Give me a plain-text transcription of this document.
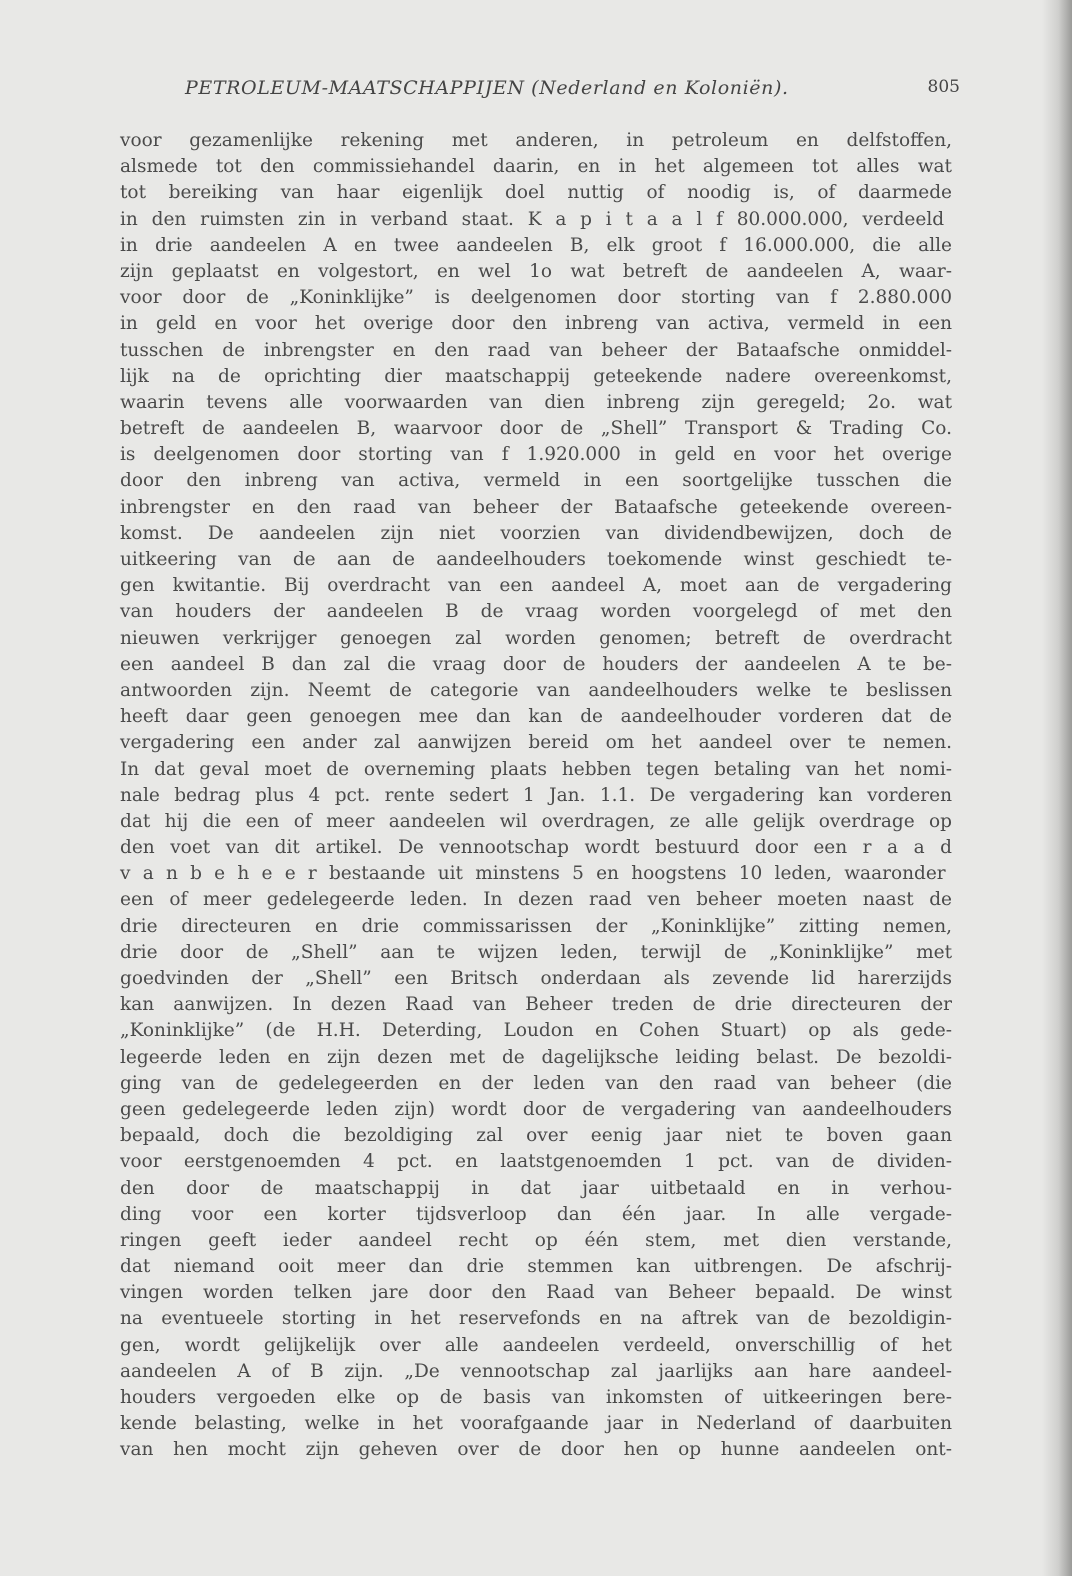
PETROLEUM-MAATSCHAPPIJEN (Nederland en Koloniën).	805
voor gezamenlijke rekening met anderen, in petroleum en delfstoffen,
alsmede tot den commissiehandel daarin, en in het algemeen tot alles wat
tot bereiking van haar eigenlijk doel nuttig of noodig is, of daarmede
in den ruimsten zin in verband staat. K a p i t a a l f 80.000.000, verdeeld
in drie aandeelen A en twee aandeelen B, elk groot f 16.000.000, die alle
zijn geplaatst en volgestort, en wel 1o wat betreft de aandeelen A, waar-
voor door de „Koninklijke” is deelgenomen door storting van f 2.880.000
in geld en voor het overige door den inbreng van activa, vermeld in een
tusschen de inbrengster en den raad van beheer der Bataafsche onmiddel-
lijk na de oprichting dier maatschappij geteekende nadere overeenkomst,
waarin tevens alle voorwaarden van dien inbreng zijn geregeld; 2o. wat
betreft de aandeelen B, waarvoor door de „Shell” Transport & Trading Co.
is deelgenomen door storting van f 1.920.000 in geld en voor het overige
door den inbreng van activa, vermeld in een soortgelijke tusschen die
inbrengster en den raad van beheer der Bataafsche geteekende overeen-
komst. De aandeelen zijn niet voorzien van dividendbewijzen, doch de
uitkeering van de aan de aandeelhouders toekomende winst geschiedt te-
gen kwitantie. Bij overdracht van een aandeel A, moet aan de vergadering
van houders der aandeelen B de vraag worden voorgelegd of met den
nieuwen verkrijger genoegen zal worden genomen; betreft de overdracht
een aandeel B dan zal die vraag door de houders der aandeelen A te be-
antwoorden zijn. Neemt de categorie van aandeelhouders welke te beslissen
heeft daar geen genoegen mee dan kan de aandeelhouder vorderen dat de
vergadering een ander zal aanwijzen bereid om het aandeel over te nemen.
In dat geval moet de overneming plaats hebben tegen betaling van het nomi-
nale bedrag plus 4 pct. rente sedert 1 Jan. 1.1. De vergadering kan vorderen
dat hij die een of meer aandeelen wil overdragen, ze alle gelijk overdrage op
den voet van dit artikel. De vennootschap wordt bestuurd door een r a a d
v a n b e h e e r bestaande uit minstens 5 en hoogstens 10 leden, waaronder
een of meer gedelegeerde leden. In dezen raad ven beheer moeten naast de
drie directeuren en drie commissarissen der „Koninklijke” zitting nemen,
drie door de „Shell” aan te wijzen leden, terwijl de „Koninklijke” met
goedvinden der „Shell” een Britsch onderdaan als zevende lid harerzijds
kan aanwijzen. In dezen Raad van Beheer treden de drie directeuren der
„Koninklijke” (de H.H. Deterding, Loudon en Cohen Stuart) op als gede-
legeerde leden en zijn dezen met de dagelijksche leiding belast. De bezoldi-
ging van de gedelegeerden en der leden van den raad van beheer (die
geen gedelegeerde leden zijn) wordt door de vergadering van aandeelhouders
bepaald, doch die bezoldiging zal over eenig jaar niet te boven gaan
voor eerstgenoemden 4 pct. en laatstgenoemden 1 pct. van de dividen-
den door de maatschappij in dat jaar uitbetaald en in verhou-
ding voor een korter tijdsverloop dan één jaar. In alle vergade-
ringen geeft ieder aandeel recht op één stem, met dien verstande,
dat niemand ooit meer dan drie stemmen kan uitbrengen. De afschrij-
vingen worden telken jare door den Raad van Beheer bepaald. De winst
na eventueele storting in het reservefonds en na aftrek van de bezoldigin-
gen, wordt gelijkelijk over alle aandeelen verdeeld, onverschillig of het
aandeelen A of B zijn. „De vennootschap zal jaarlijks aan hare aandeel-
houders vergoeden elke op de basis van inkomsten of uitkeeringen bere-
kende belasting, welke in het voorafgaande jaar in Nederland of daarbuiten
van hen mocht zijn geheven over de door hen op hunne aandeelen ont-
